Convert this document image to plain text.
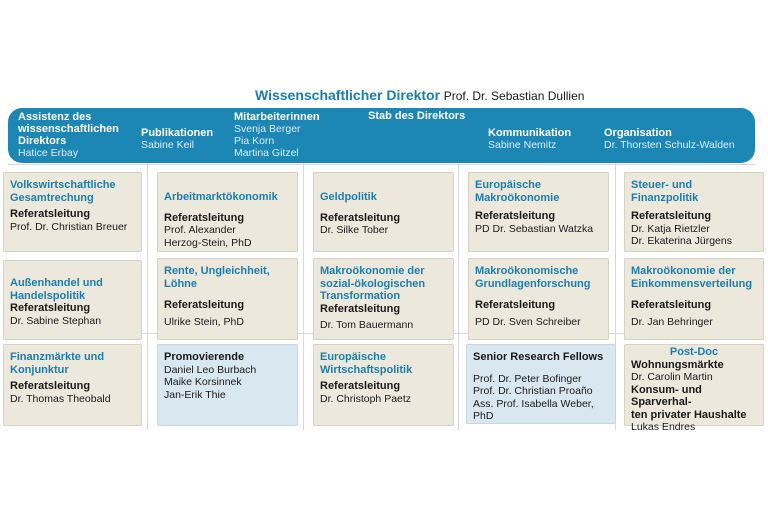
Wissenschaftlicher Direktor Prof. Dr. Sebastian Dullien
Assistenz des
wissenschaftlichen
Direktors
Hatice Erbay
Publikationen
Sabine Keil
Mitarbeiterinnen
Svenja Berger
Pia Korn
Martina Gitzel
Stab des Direktors
Kommunikation
Sabine Nemitz
Organisation
Dr. Thorsten Schulz-Walden
Volkswirtschaftliche
Gesamtrechung
Referatsleitung
Prof. Dr. Christian Breuer
Außenhandel und
Handelspolitik
Referatsleitung
Dr. Sabine Stephan
Finanzmärkte und
Konjunktur
Referatsleitung
Dr. Thomas Theobald
Arbeitmarktökonomik
Referatsleitung
Prof. Alexander
Herzog-Stein, PhD
Rente, Ungleichheit,
Löhne
Referatsleitung
Ulrike Stein, PhD
Promovierende
Daniel Leo Burbach
Maike Korsinnek
Jan-Erik Thie
Geldpolitik
Referatsleitung
Dr. Silke Tober
Makroökonomie der
sozial-ökologischen
Transformation
Referatsleitung
Dr. Tom Bauermann
Europäische
Wirtschaftspolitik
Referatsleitung
Dr. Christoph Paetz
Europäische
Makroökonomie
Referatsleitung
PD Dr. Sebastian Watzka
Makroökonomische
Grundlagenforschung
Referatsleitung
PD Dr. Sven Schreiber
Senior Research Fellows
Prof. Dr. Peter Bofinger
Prof. Dr. Christian Proaño
Ass. Prof. Isabella Weber, PhD
Steuer- und
Finanzpolitik
Referatsleitung
Dr. Katja Rietzler
Dr. Ekaterina Jürgens
Makroökonomie der
Einkommensverteilung
Referatsleitung
Dr. Jan Behringer
Post-Doc
Wohnungsmärkte
Dr. Carolin Martin
Konsum- und Sparverhal-
ten privater Haushalte
Lukas Endres
